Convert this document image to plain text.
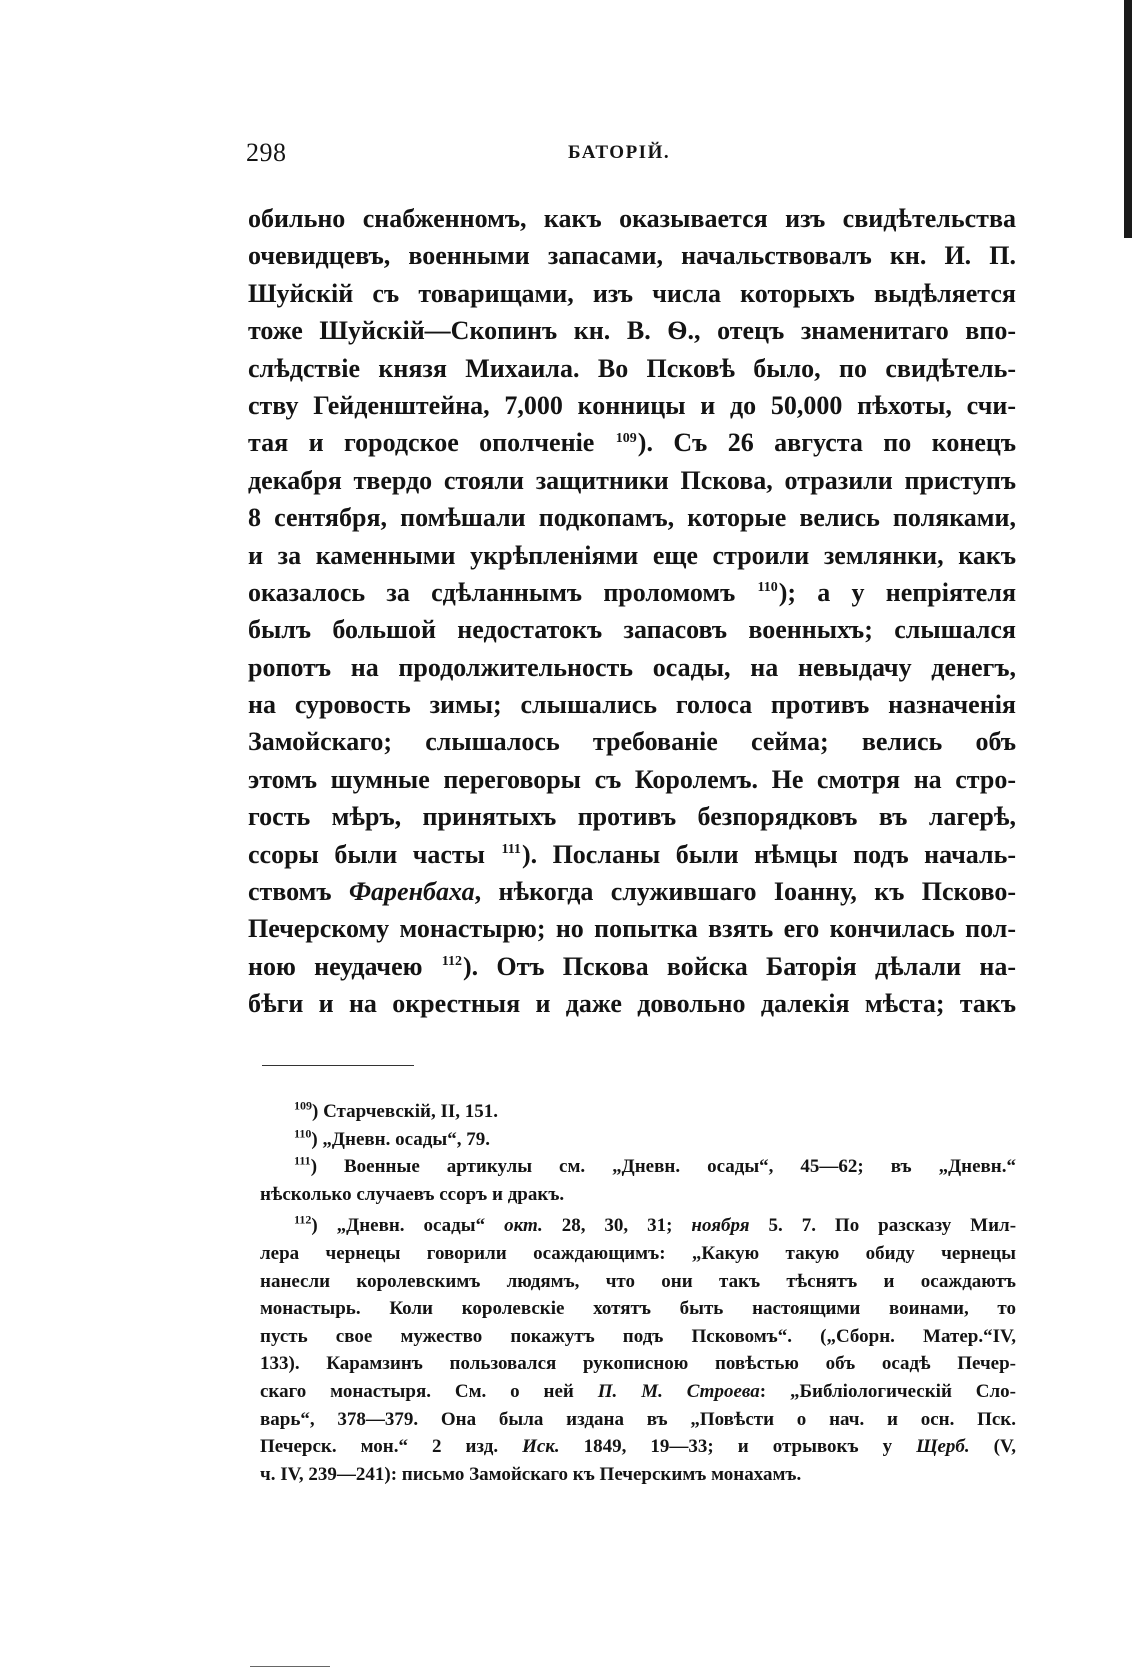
298	БАТОРІЙ.
обильно снабженномъ, какъ оказывается изъ свидѣтельства
очевидцевъ, военными запасами, начальствовалъ кн. И. П.
Шуйскій съ товарищами, изъ числа которыхъ выдѣляется
тоже Шуйскій—Скопинъ кн. В. Ѳ., отецъ знаменитаго впо-
слѣдствіе князя Михаила. Во Псковѣ было, по свидѣтель-
ству Гейденштейна, 7,000 конницы и до 50,000 пѣхоты, счи-
тая и городское ополченіе $^{109}$). Съ 26 августа по конецъ
декабря твердо стояли защитники Пскова, отразили приступъ
8 сентября, помѣшали подкопамъ, которые велись поляками,
и за каменными укрѣпленіями еще строили землянки, какъ
оказалось за сдѣланнымъ проломомъ $^{110}$); а у непріятеля
былъ большой недостатокъ запасовъ военныхъ; слышался
ропотъ на продолжительность осады, на невыдачу денегъ,
на суровость зимы; слышались голоса противъ назначенія
Замойскаго; слышалось требованіе сейма; велись объ
этомъ шумные переговоры съ Королемъ. Не смотря на стро-
гость мѣръ, принятыхъ противъ безпорядковъ въ лагерѣ,
ссоры были часты $^{111}$). Посланы были нѣмцы подъ началь-
ствомъ Фаренбаха, нѣкогда служившаго Іоанну, къ Псково-
Печерскому монастырю; но попытка взять его кончилась пол-
ною неудачею $^{112}$). Отъ Пскова войска Баторія дѣлали на-
бѣги и на окрестныя и даже довольно далекія мѣста; такъ
$^{109}$) Старчевскій, II, 151.
$^{110}$) „Дневн. осады“, 79.
$^{111}$) Военные артикулы см. „Дневн. осады“, 45—62; въ „Дневн.“
нѣсколько случаевъ ссоръ и дракъ.
$^{112}$) „Дневн. осады“ окт. 28, 30, 31; ноября 5. 7. По разсказу Мил-
лера чернецы говорили осаждающимъ: „Какую такую обиду чернецы
нанесли королевскимъ людямъ, что они такъ тѣснятъ и осаждаютъ
монастырь. Коли королевскіе хотятъ быть настоящими воинами, то
пусть свое мужество покажутъ подъ Псковомъ“. („Сборн. Матер.“IV,
133). Карамзинъ пользовался рукописною повѣстью объ осадѣ Печер-
скаго монастыря. См. о ней П. М. Строева: „Библіологическій Сло-
варь“, 378—379. Она была издана въ „Повѣсти о нач. и осн. Пск.
Печерск. мон.“ 2 изд. Иск. 1849, 19—33; и отрывокъ у Щерб. (V,
ч. IV, 239—241): письмо Замойскаго къ Печерскимъ монахамъ.
